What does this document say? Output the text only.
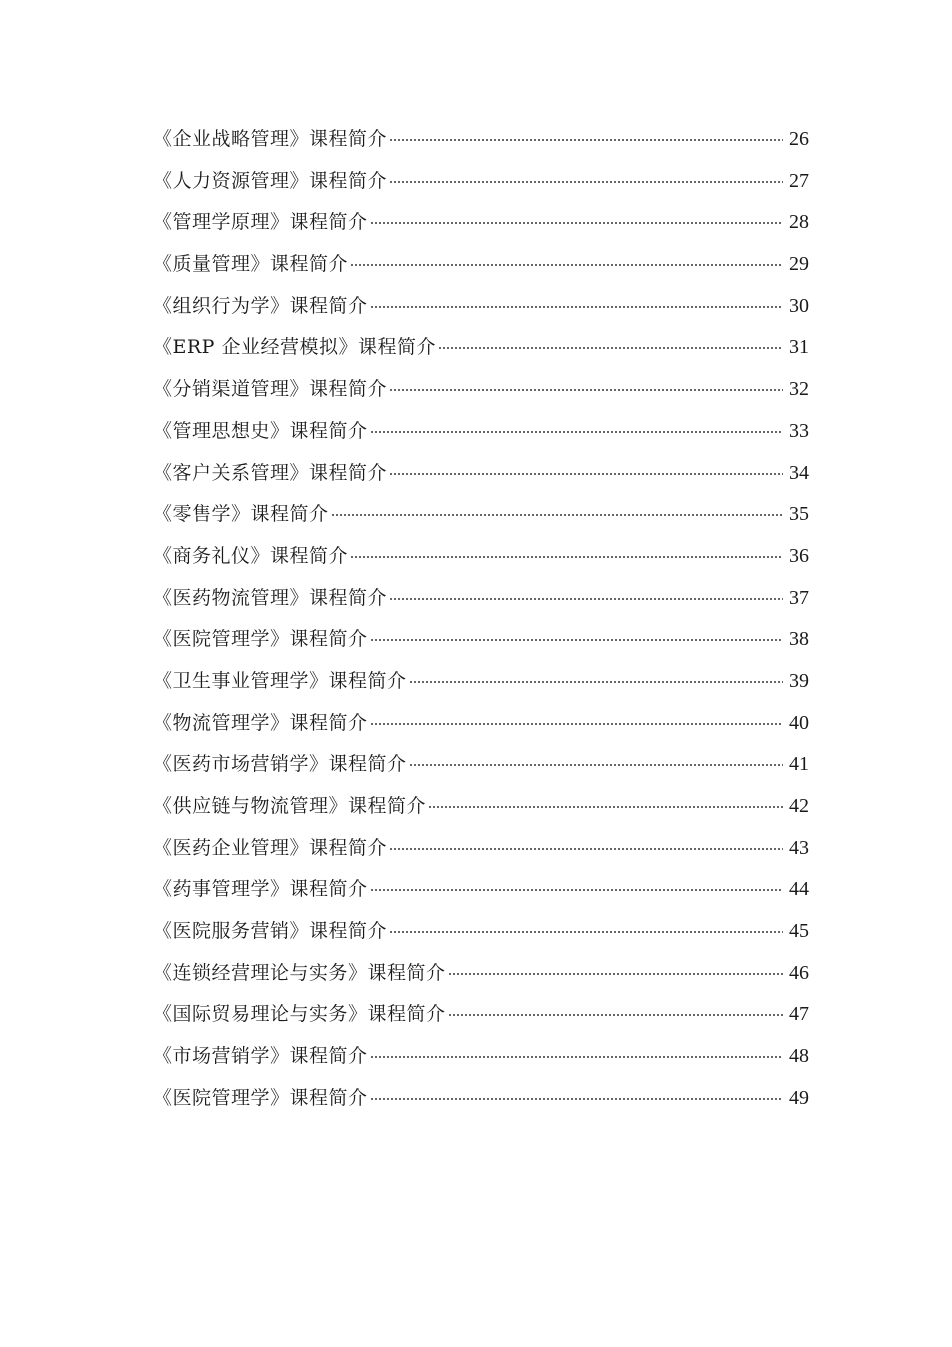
《企业战略管理》课程简介	26
《人力资源管理》课程简介	27
《管理学原理》课程简介	28
《质量管理》课程简介	29
《组织行为学》课程简介	30
《ERP 企业经营模拟》课程简介	31
《分销渠道管理》课程简介	32
《管理思想史》课程简介	33
《客户关系管理》课程简介	34
《零售学》课程简介	35
《商务礼仪》课程简介	36
《医药物流管理》课程简介	37
《医院管理学》课程简介	38
《卫生事业管理学》课程简介	39
《物流管理学》课程简介	40
《医药市场营销学》课程简介	41
《供应链与物流管理》课程简介	42
《医药企业管理》课程简介	43
《药事管理学》课程简介	44
《医院服务营销》课程简介	45
《连锁经营理论与实务》课程简介	46
《国际贸易理论与实务》课程简介	47
《市场营销学》课程简介	48
《医院管理学》课程简介	49
